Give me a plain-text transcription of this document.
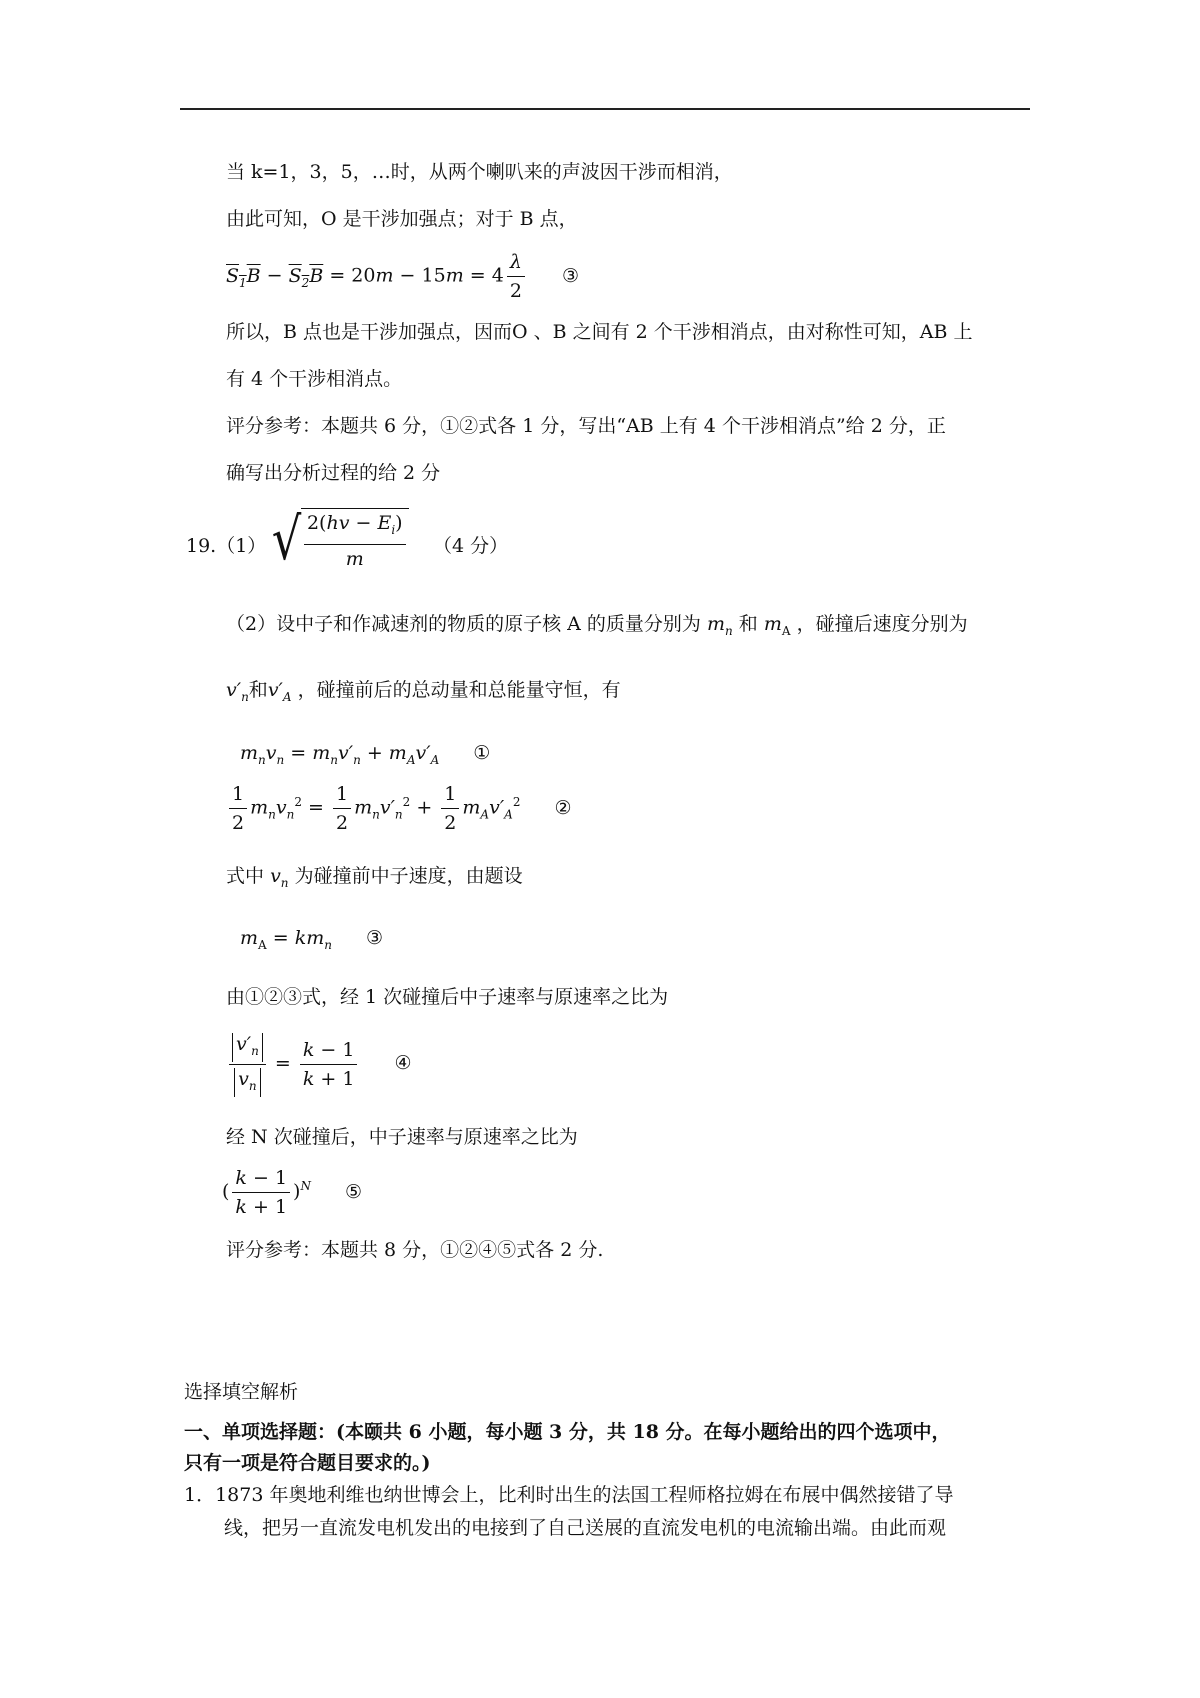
当 k=1，3，5，…时，从两个喇叭来的声波因干涉而相消，
由此可知，O 是干涉加强点；对于 B 点，
$S_1B - S_2B = 20m - 15m = 4 \frac{\lambda}{2}$ ③
所以，B 点也是干涉加强点，因而O 、B 之间有 2 个干涉相消点，由对称性可知，AB 上
有 4 个干涉相消点。
评分参考：本题共 6 分，①②式各 1 分，写出“AB 上有 4 个干涉相消点”给 2 分，正
确写出分析过程的给 2 分
19.（1） √ $\frac{2(hv - E_i)}{m} (4$ 分）
（2）设中子和作减速剂的物质的原子核 A 的质量分别为 $m_n$ 和 $m_A$ ，碰撞后速度分别为
$v'_n$和$v'_A$ ，碰撞前后的总动量和总能量守恒，有
$m_nv_n = m_nv'_n + m_Av'_A$ ①
$\frac{1}{2} m_nv_n^2 = \frac{1}{2} m_nv'_n^2 + \frac{1}{2} m_Av'_A^2$ ②
式中 $v_n$ 为碰撞前中子速度，由题设
$m_A = km_n$ ③
由①②③式，经 1 次碰撞后中子速率与原速率之比为
$\frac{v'_n}{v_n} = \frac{k - 1}{k + 1}$ ④
经 N 次碰撞后，中子速率与原速率之比为
( $\frac{k - 1}{k + 1} )^N$ ⑤
评分参考：本题共 8 分，①②④⑤式各 2 分.
选择填空解析
一、单项选择题：(本颐共 6 小题，每小题 3 分，共 18 分。在每小题给出的四个选项中，
只有一项是符合题目要求的。)
1．1873 年奥地利维也纳世博会上，比利时出生的法国工程师格拉姆在布展中偶然接错了导
线，把另一直流发电机发出的电接到了自己送展的直流发电机的电流输出端。由此而观
